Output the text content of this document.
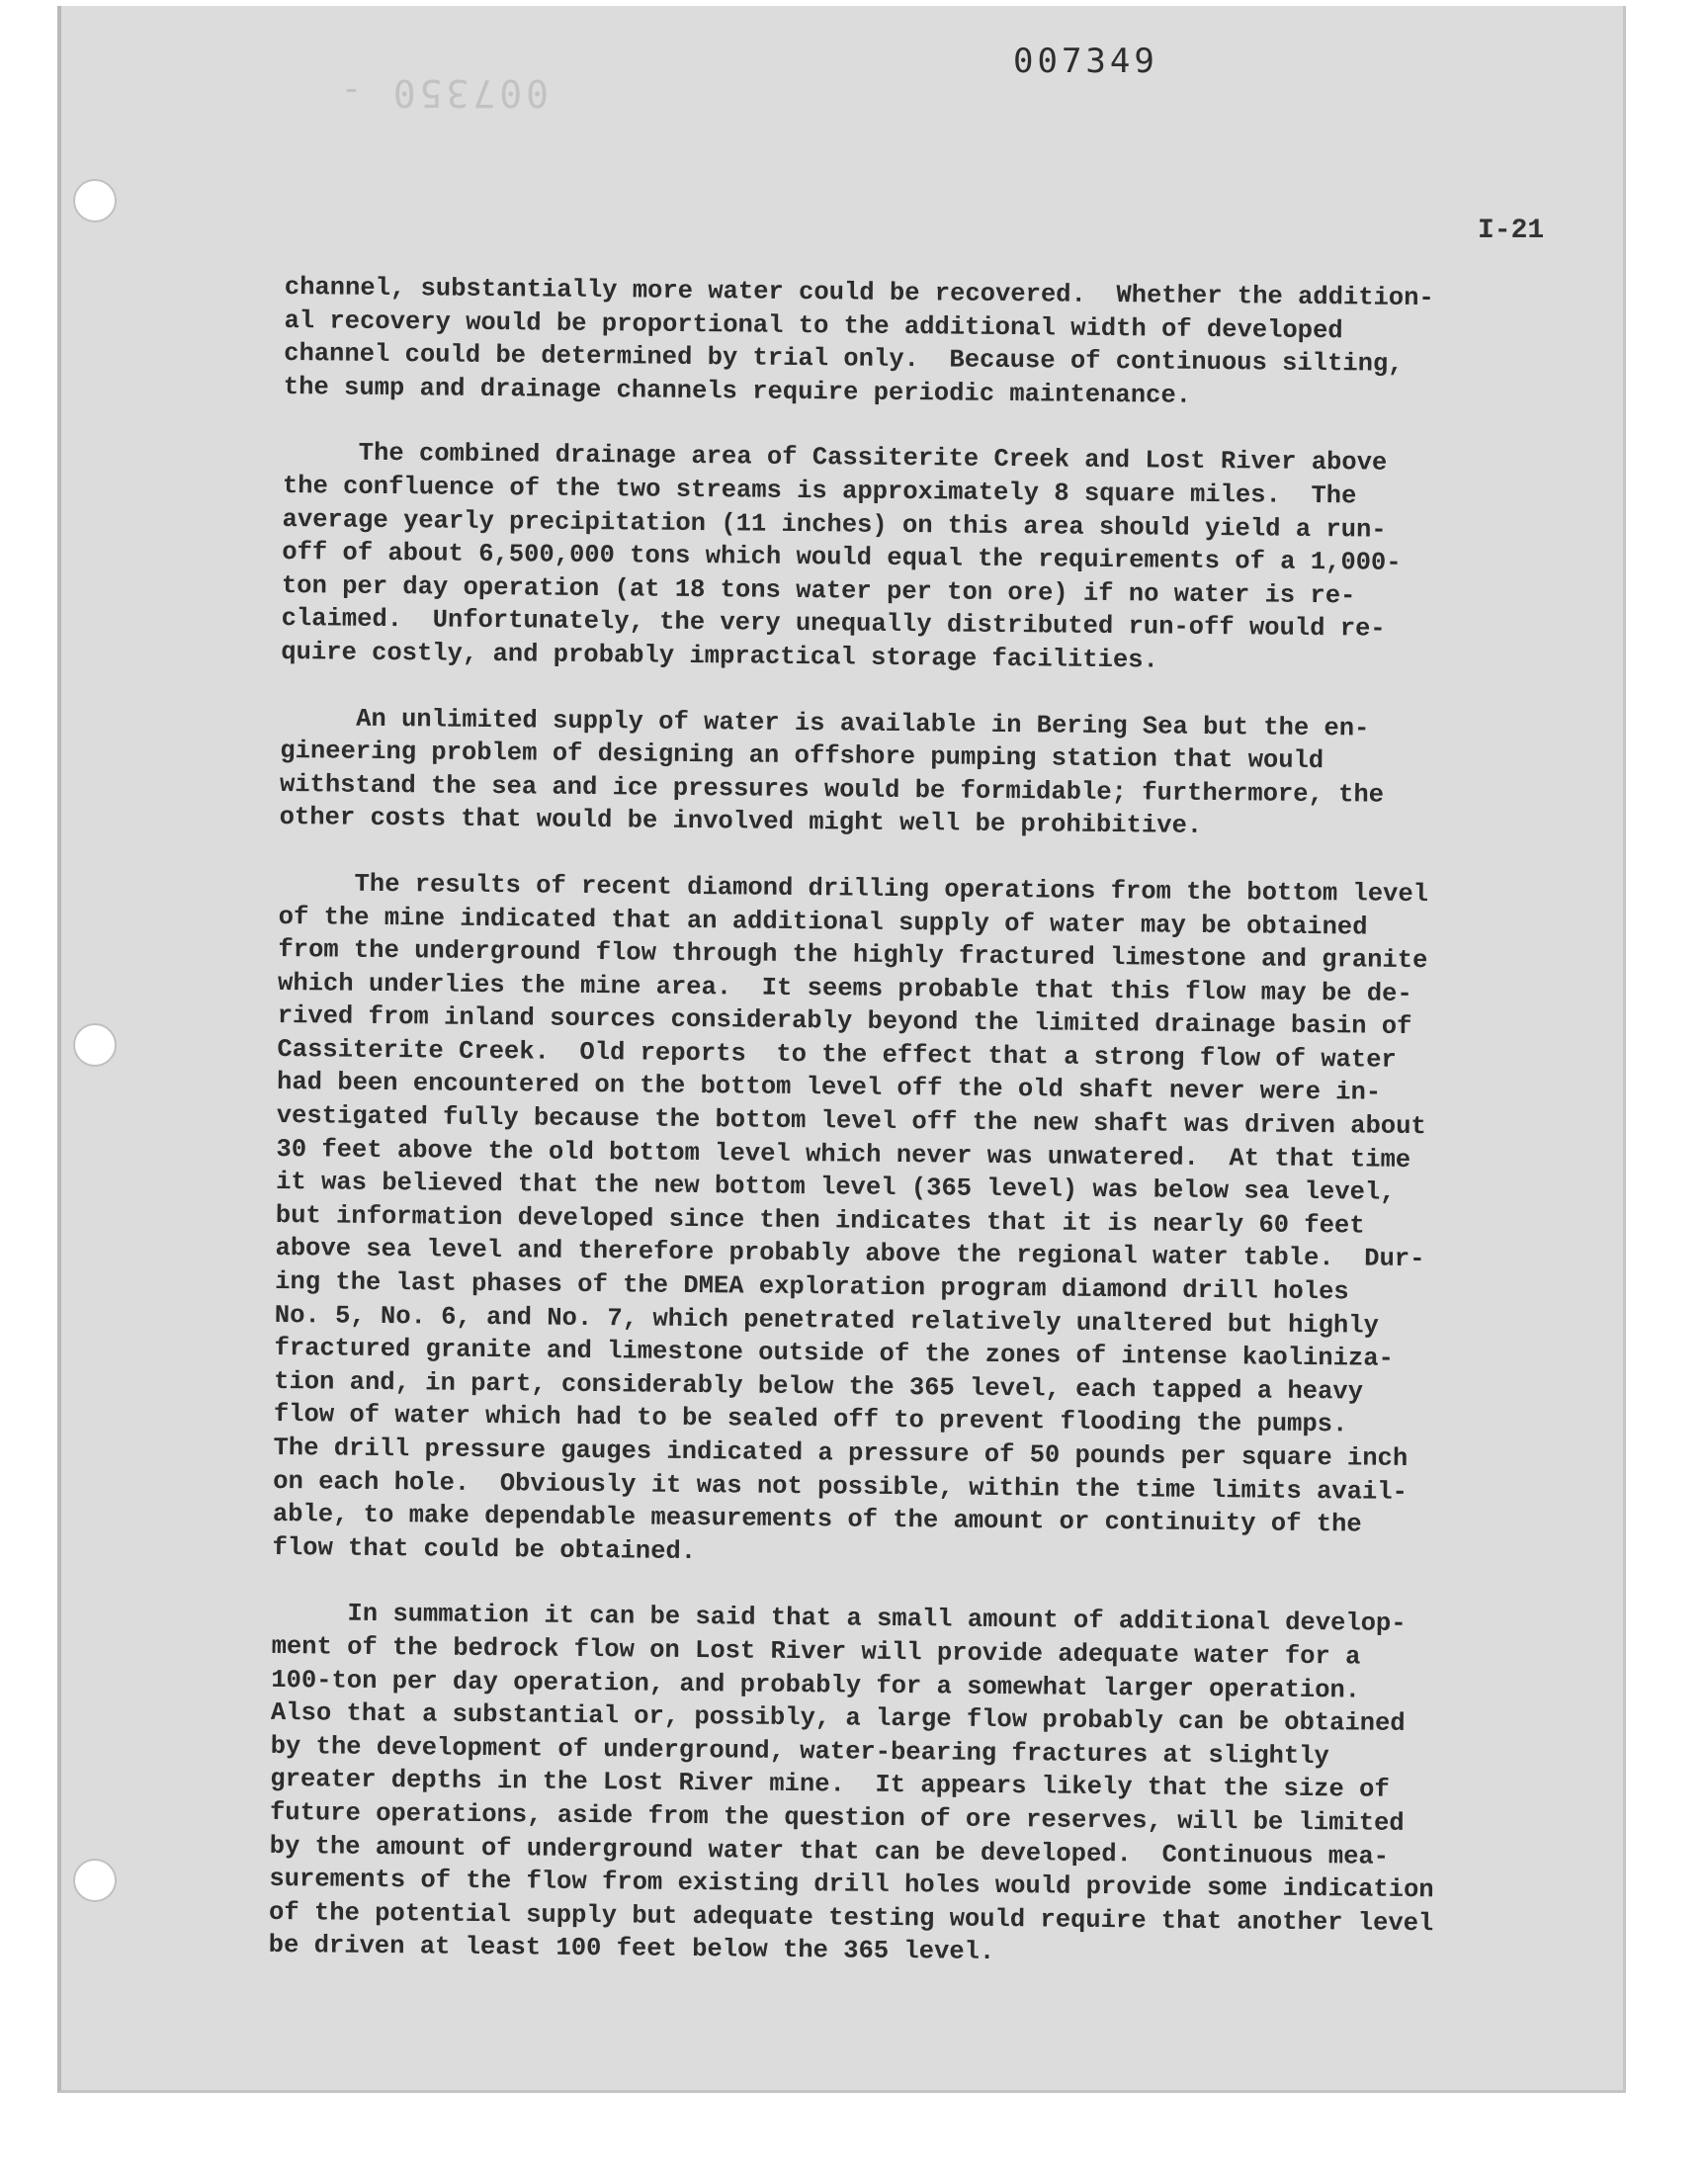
007350 -
007349
I-21

channel, substantially more water could be recovered.  Whether the addition-
al recovery would be proportional to the additional width of developed
channel could be determined by trial only.  Because of continuous silting,
the sump and drainage channels require periodic maintenance.

The combined drainage area of Cassiterite Creek and Lost River above
the confluence of the two streams is approximately 8 square miles.  The
average yearly precipitation (11 inches) on this area should yield a run-
off of about 6,500,000 tons which would equal the requirements of a 1,000-
ton per day operation (at 18 tons water per ton ore) if no water is re-
claimed.  Unfortunately, the very unequally distributed run-off would re-
quire costly, and probably impractical storage facilities.

An unlimited supply of water is available in Bering Sea but the en-
gineering problem of designing an offshore pumping station that would
withstand the sea and ice pressures would be formidable; furthermore, the
other costs that would be involved might well be prohibitive.

The results of recent diamond drilling operations from the bottom level
of the mine indicated that an additional supply of water may be obtained
from the underground flow through the highly fractured limestone and granite
which underlies the mine area.  It seems probable that this flow may be de-
rived from inland sources considerably beyond the limited drainage basin of
Cassiterite Creek.  Old reports  to the effect that a strong flow of water
had been encountered on the bottom level off the old shaft never were in-
vestigated fully because the bottom level off the new shaft was driven about
30 feet above the old bottom level which never was unwatered.  At that time
it was believed that the new bottom level (365 level) was below sea level,
but information developed since then indicates that it is nearly 60 feet
above sea level and therefore probably above the regional water table.  Dur-
ing the last phases of the DMEA exploration program diamond drill holes
No. 5, No. 6, and No. 7, which penetrated relatively unaltered but highly
fractured granite and limestone outside of the zones of intense kaoliniza-
tion and, in part, considerably below the 365 level, each tapped a heavy
flow of water which had to be sealed off to prevent flooding the pumps.
The drill pressure gauges indicated a pressure of 50 pounds per square inch
on each hole.  Obviously it was not possible, within the time limits avail-
able, to make dependable measurements of the amount or continuity of the
flow that could be obtained.

In summation it can be said that a small amount of additional develop-
ment of the bedrock flow on Lost River will provide adequate water for a
100-ton per day operation, and probably for a somewhat larger operation.
Also that a substantial or, possibly, a large flow probably can be obtained
by the development of underground, water-bearing fractures at slightly
greater depths in the Lost River mine.  It appears likely that the size of
future operations, aside from the question of ore reserves, will be limited
by the amount of underground water that can be developed.  Continuous mea-
surements of the flow from existing drill holes would provide some indication
of the potential supply but adequate testing would require that another level
be driven at least 100 feet below the 365 level.
